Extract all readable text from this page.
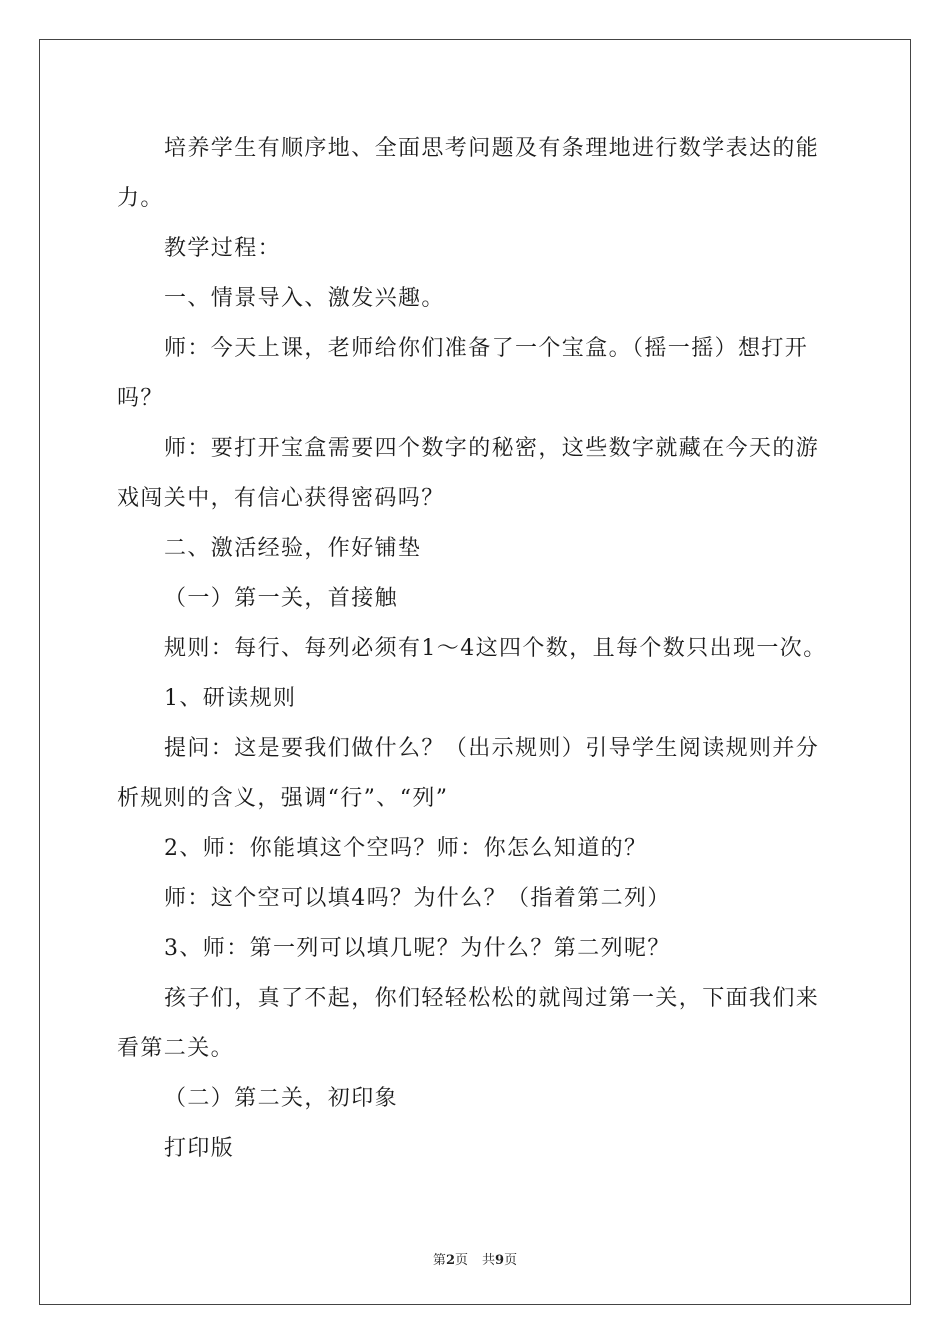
培养学生有顺序地、全面思考问题及有条理地进行数学表达的能
力。
教学过程：
一、情景导入、激发兴趣。
师：今天上课，老师给你们准备了一个宝盒。（摇一摇）想打开
吗？
师：要打开宝盒需要四个数字的秘密，这些数字就藏在今天的游
戏闯关中，有信心获得密码吗？
二、激活经验，作好铺垫
（一）第一关，首接触
规则：每行、每列必须有1～4这四个数，且每个数只出现一次。
1、研读规则
提问：这是要我们做什么？（出示规则）引导学生阅读规则并分
析规则的含义，强调“行”、“列”
2、师：你能填这个空吗？师：你怎么知道的？
师：这个空可以填4吗？为什么？（指着第二列）
3、师：第一列可以填几呢？为什么？第二列呢？
孩子们，真了不起，你们轻轻松松的就闯过第一关，下面我们来
看第二关。
（二）第二关，初印象
打印版
第2页 共9页
